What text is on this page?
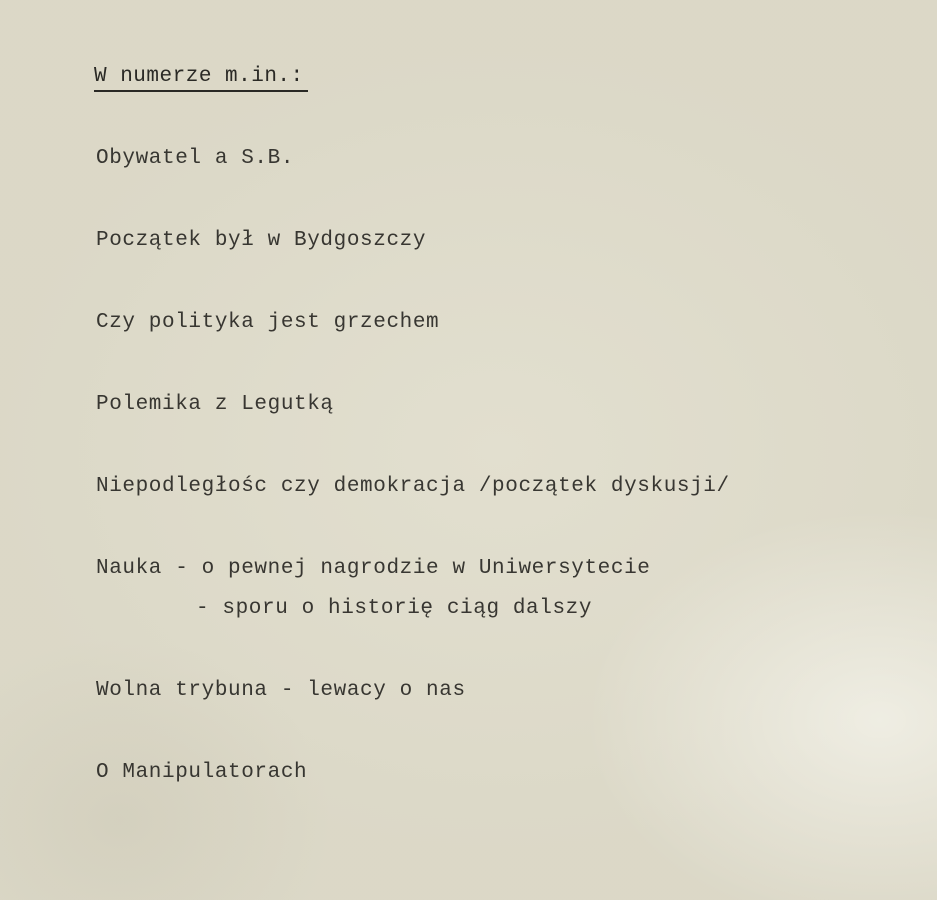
W numerze m.in.:
Obywatel a S.B.
Początek był w Bydgoszczy
Czy polityka jest grzechem
Polemika z Legutką
Niepodległośc czy demokracja /początek dyskusji/
Nauka - o pewnej nagrodzie w Uniwersytecie
- sporu o historię ciąg dalszy
Wolna trybuna - lewacy o nas
O Manipulatorach
